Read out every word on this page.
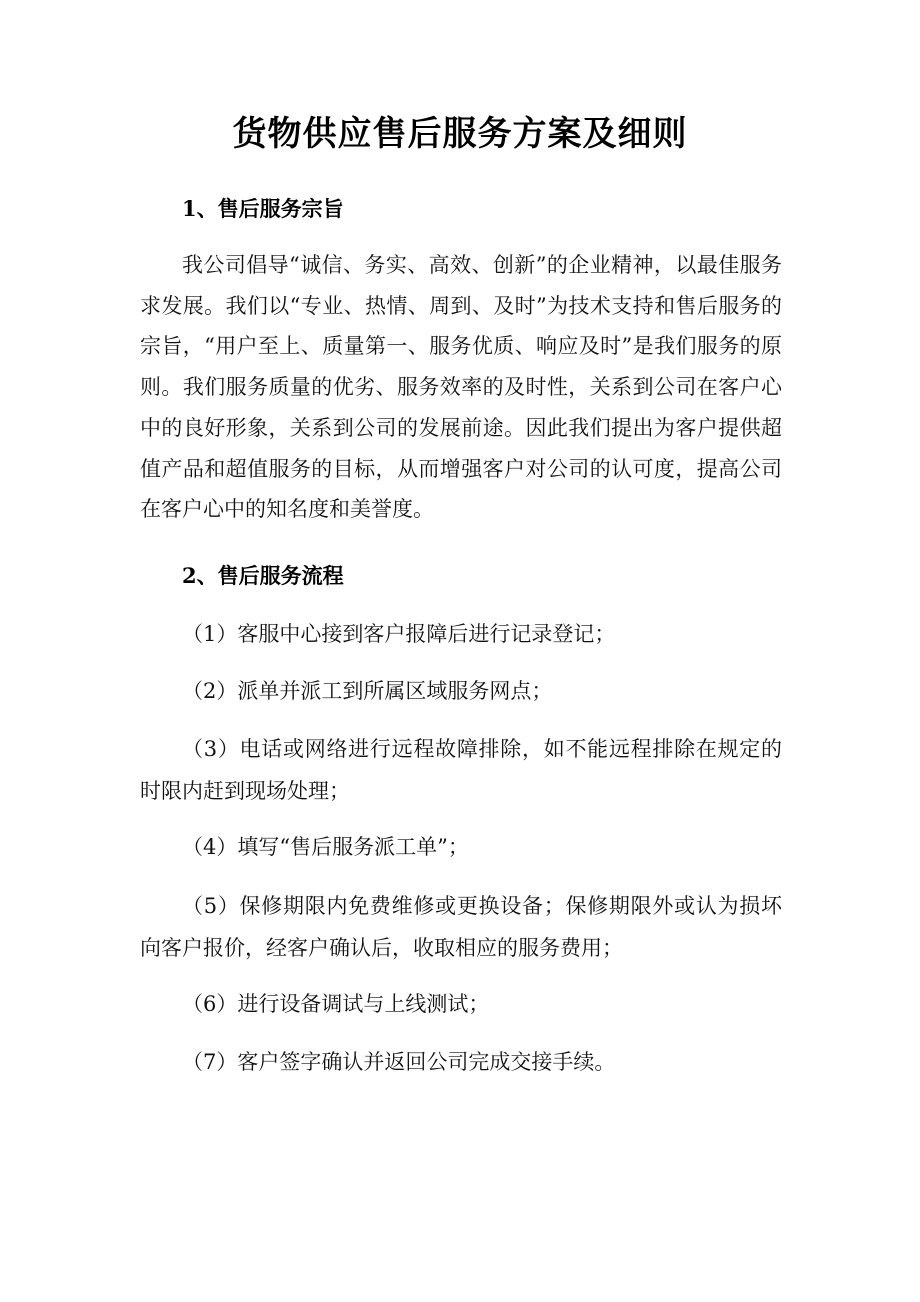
货物供应售后服务方案及细则
1、售后服务宗旨
我公司倡导“诚信、务实、高效、创新”的企业精神，以最佳服务求发展。我们以“专业、热情、周到、及时”为技术支持和售后服务的宗旨，“用户至上、质量第一、服务优质、响应及时”是我们服务的原则。我们服务质量的优劣、服务效率的及时性，关系到公司在客户心中的良好形象，关系到公司的发展前途。因此我们提出为客户提供超值产品和超值服务的目标，从而增强客户对公司的认可度，提高公司在客户心中的知名度和美誉度。
2、售后服务流程
（1）客服中心接到客户报障后进行记录登记；
（2）派单并派工到所属区域服务网点；
（3）电话或网络进行远程故障排除，如不能远程排除在规定的时限内赶到现场处理；
（4）填写“售后服务派工单”；
（5）保修期限内免费维修或更换设备；保修期限外或认为损坏向客户报价，经客户确认后，收取相应的服务费用；
（6）进行设备调试与上线测试；
（7）客户签字确认并返回公司完成交接手续。
